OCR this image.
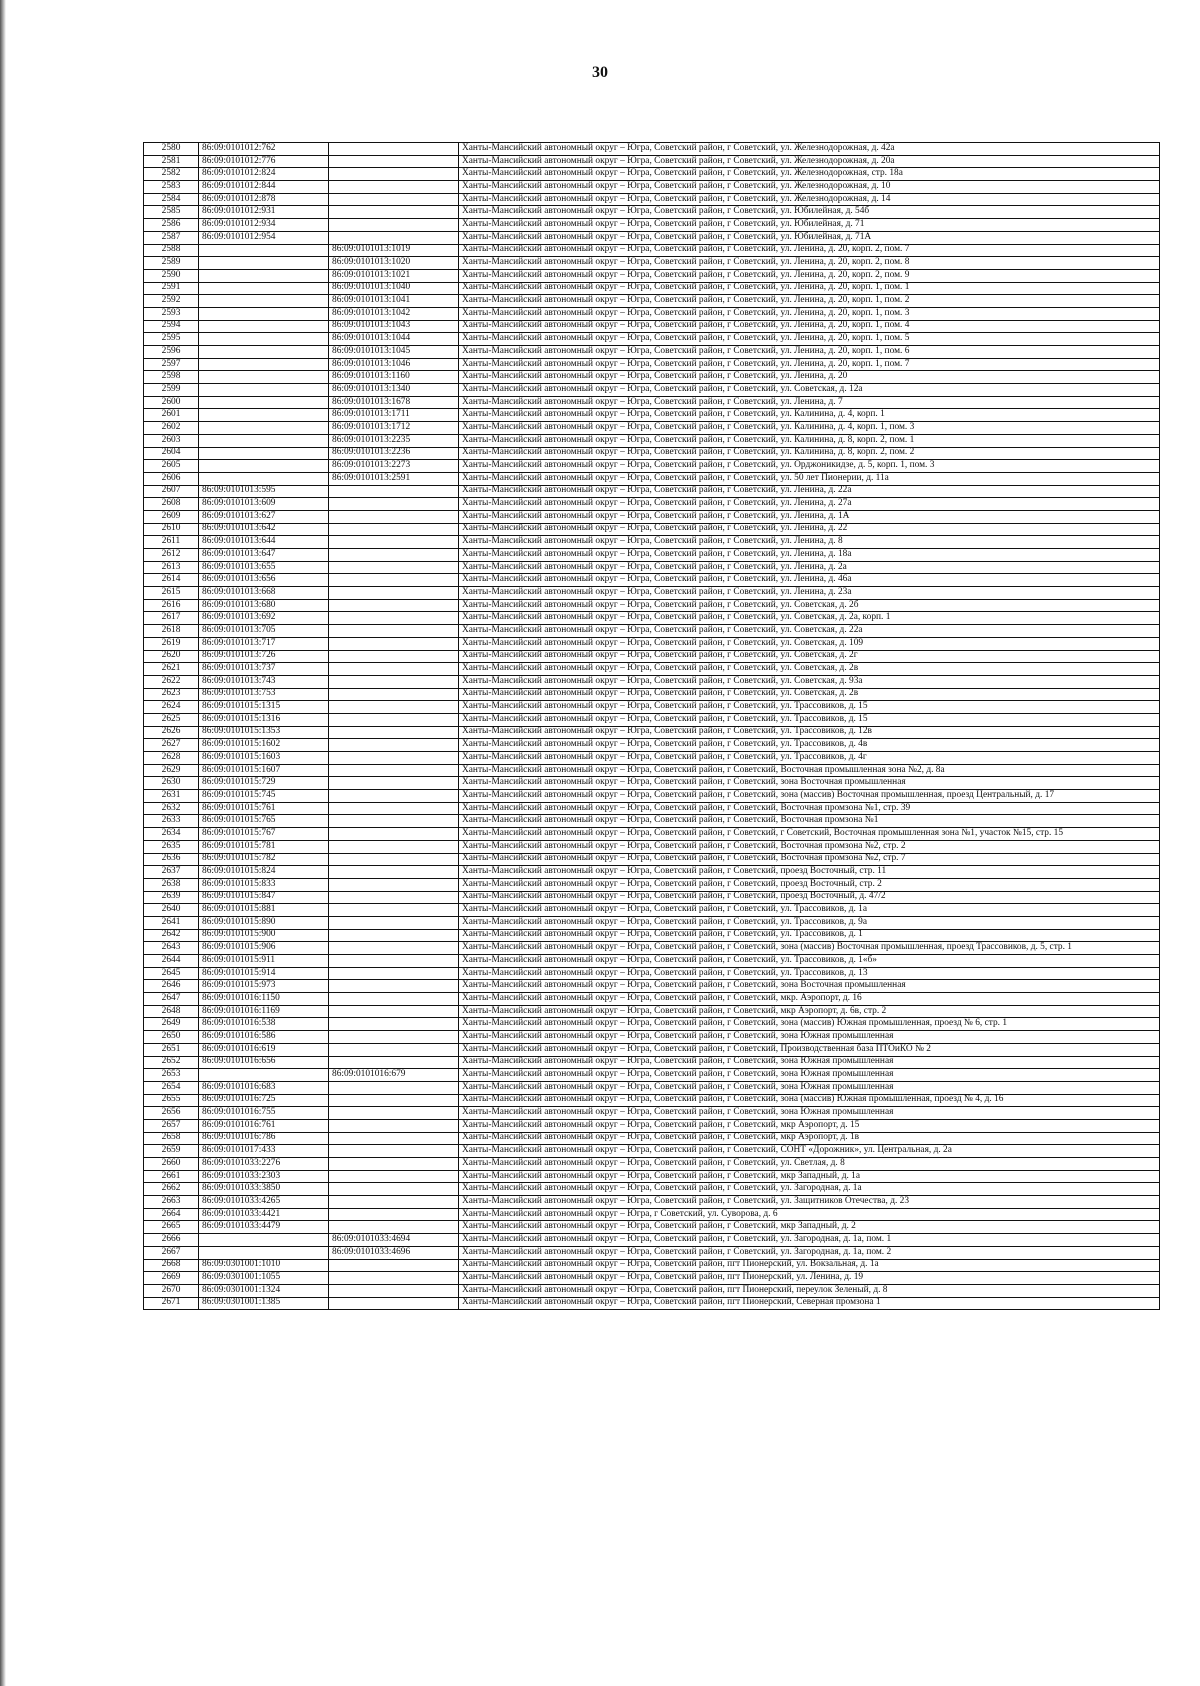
30
2580	86:09:0101012:762		Ханты-Мансийский автономный округ – Югра, Советский район, г Советский, ул. Железнодорожная, д. 42а
2581	86:09:0101012:776		Ханты-Мансийский автономный округ – Югра, Советский район, г Советский, ул. Железнодорожная, д. 20а
2582	86:09:0101012:824		Ханты-Мансийский автономный округ – Югра, Советский район, г Советский, ул. Железнодорожная, стр. 18а
2583	86:09:0101012:844		Ханты-Мансийский автономный округ – Югра, Советский район, г Советский, ул. Железнодорожная, д. 10
2584	86:09:0101012:878		Ханты-Мансийский автономный округ – Югра, Советский район, г Советский, ул. Железнодорожная, д. 14
2585	86:09:0101012:931		Ханты-Мансийский автономный округ – Югра, Советский район, г Советский, ул. Юбилейная, д. 54б
2586	86:09:0101012:934		Ханты-Мансийский автономный округ – Югра, Советский район, г Советский, ул. Юбилейная, д. 71
2587	86:09:0101012:954		Ханты-Мансийский автономный округ – Югра, Советский район, г Советский, ул. Юбилейная, д. 71А
2588		86:09:0101013:1019	Ханты-Мансийский автономный округ – Югра, Советский район, г Советский, ул. Ленина, д. 20, корп. 2, пом. 7
2589		86:09:0101013:1020	Ханты-Мансийский автономный округ – Югра, Советский район, г Советский, ул. Ленина, д. 20, корп. 2, пом. 8
2590		86:09:0101013:1021	Ханты-Мансийский автономный округ – Югра, Советский район, г Советский, ул. Ленина, д. 20, корп. 2, пом. 9
2591		86:09:0101013:1040	Ханты-Мансийский автономный округ – Югра, Советский район, г Советский, ул. Ленина, д. 20, корп. 1, пом. 1
2592		86:09:0101013:1041	Ханты-Мансийский автономный округ – Югра, Советский район, г Советский, ул. Ленина, д. 20, корп. 1, пом. 2
2593		86:09:0101013:1042	Ханты-Мансийский автономный округ – Югра, Советский район, г Советский, ул. Ленина, д. 20, корп. 1, пом. 3
2594		86:09:0101013:1043	Ханты-Мансийский автономный округ – Югра, Советский район, г Советский, ул. Ленина, д. 20, корп. 1, пом. 4
2595		86:09:0101013:1044	Ханты-Мансийский автономный округ – Югра, Советский район, г Советский, ул. Ленина, д. 20, корп. 1, пом. 5
2596		86:09:0101013:1045	Ханты-Мансийский автономный округ – Югра, Советский район, г Советский, ул. Ленина, д. 20, корп. 1, пом. 6
2597		86:09:0101013:1046	Ханты-Мансийский автономный округ – Югра, Советский район, г Советский, ул. Ленина, д. 20, корп. 1, пом. 7
2598		86:09:0101013:1160	Ханты-Мансийский автономный округ – Югра, Советский район, г Советский, ул. Ленина, д. 20
2599		86:09:0101013:1340	Ханты-Мансийский автономный округ – Югра, Советский район, г Советский, ул. Советская, д. 12а
2600		86:09:0101013:1678	Ханты-Мансийский автономный округ – Югра, Советский район, г Советский, ул. Ленина, д. 7
2601		86:09:0101013:1711	Ханты-Мансийский автономный округ – Югра, Советский район, г Советский, ул. Калинина, д. 4, корп. 1
2602		86:09:0101013:1712	Ханты-Мансийский автономный округ – Югра, Советский район, г Советский, ул. Калинина, д. 4, корп. 1, пом. 3
2603		86:09:0101013:2235	Ханты-Мансийский автономный округ – Югра, Советский район, г Советский, ул. Калинина, д. 8, корп. 2, пом. 1
2604		86:09:0101013:2236	Ханты-Мансийский автономный округ – Югра, Советский район, г Советский, ул. Калинина, д. 8, корп. 2, пом. 2
2605		86:09:0101013:2273	Ханты-Мансийский автономный округ – Югра, Советский район, г Советский, ул. Орджоникидзе, д. 5, корп. 1, пом. 3
2606		86:09:0101013:2591	Ханты-Мансийский автономный округ – Югра, Советский район, г Советский, ул. 50 лет Пионерии, д. 11а
2607	86:09:0101013:595		Ханты-Мансийский автономный округ – Югра, Советский район, г Советский, ул. Ленина, д. 22а
2608	86:09:0101013:609		Ханты-Мансийский автономный округ – Югра, Советский район, г Советский, ул. Ленина, д. 27а
2609	86:09:0101013:627		Ханты-Мансийский автономный округ – Югра, Советский район, г Советский, ул. Ленина, д. 1А
2610	86:09:0101013:642		Ханты-Мансийский автономный округ – Югра, Советский район, г Советский, ул. Ленина, д. 22
2611	86:09:0101013:644		Ханты-Мансийский автономный округ – Югра, Советский район, г Советский, ул. Ленина, д. 8
2612	86:09:0101013:647		Ханты-Мансийский автономный округ – Югра, Советский район, г Советский, ул. Ленина, д. 18а
2613	86:09:0101013:655		Ханты-Мансийский автономный округ – Югра, Советский район, г Советский, ул. Ленина, д. 2а
2614	86:09:0101013:656		Ханты-Мансийский автономный округ – Югра, Советский район, г Советский, ул. Ленина, д. 46а
2615	86:09:0101013:668		Ханты-Мансийский автономный округ – Югра, Советский район, г Советский, ул. Ленина, д. 23а
2616	86:09:0101013:680		Ханты-Мансийский автономный округ – Югра, Советский район, г Советский, ул. Советская, д. 2б
2617	86:09:0101013:692		Ханты-Мансийский автономный округ – Югра, Советский район, г Советский, ул. Советская, д. 2а, корп. 1
2618	86:09:0101013:705		Ханты-Мансийский автономный округ – Югра, Советский район, г Советский, ул. Советская, д. 22а
2619	86:09:0101013:717		Ханты-Мансийский автономный округ – Югра, Советский район, г Советский, ул. Советская, д. 109
2620	86:09:0101013:726		Ханты-Мансийский автономный округ – Югра, Советский район, г Советский, ул. Советская, д. 2г
2621	86:09:0101013:737		Ханты-Мансийский автономный округ – Югра, Советский район, г Советский, ул. Советская, д. 2в
2622	86:09:0101013:743		Ханты-Мансийский автономный округ – Югра, Советский район, г Советский, ул. Советская, д. 93а
2623	86:09:0101013:753		Ханты-Мансийский автономный округ – Югра, Советский район, г Советский, ул. Советская, д. 2в
2624	86:09:0101015:1315		Ханты-Мансийский автономный округ – Югра, Советский район, г Советский, ул. Трассовиков, д. 15
2625	86:09:0101015:1316		Ханты-Мансийский автономный округ – Югра, Советский район, г Советский, ул. Трассовиков, д. 15
2626	86:09:0101015:1353		Ханты-Мансийский автономный округ – Югра, Советский район, г Советский, ул. Трассовиков, д. 12в
2627	86:09:0101015:1602		Ханты-Мансийский автономный округ – Югра, Советский район, г Советский, ул. Трассовиков, д. 4в
2628	86:09:0101015:1603		Ханты-Мансийский автономный округ – Югра, Советский район, г Советский, ул. Трассовиков, д. 4г
2629	86:09:0101015:1607		Ханты-Мансийский автономный округ – Югра, Советский район, г Советский, Восточная промышленная зона №2, д. 8а
2630	86:09:0101015:729		Ханты-Мансийский автономный округ – Югра, Советский район, г Советский, зона Восточная промышленная
2631	86:09:0101015:745		Ханты-Мансийский автономный округ – Югра, Советский район, г Советский, зона (массив) Восточная промышленная, проезд Центральный, д. 17
2632	86:09:0101015:761		Ханты-Мансийский автономный округ – Югра, Советский район, г Советский, Восточная промзона №1, стр. 39
2633	86:09:0101015:765		Ханты-Мансийский автономный округ – Югра, Советский район, г Советский, Восточная промзона №1
2634	86:09:0101015:767		Ханты-Мансийский автономный округ – Югра, Советский район, г Советский, г Советский, Восточная промышленная зона №1, участок №15, стр. 15
2635	86:09:0101015:781		Ханты-Мансийский автономный округ – Югра, Советский район, г Советский, Восточная промзона №2, стр. 2
2636	86:09:0101015:782		Ханты-Мансийский автономный округ – Югра, Советский район, г Советский, Восточная промзона №2, стр. 7
2637	86:09:0101015:824		Ханты-Мансийский автономный округ – Югра, Советский район, г Советский, проезд Восточный, стр. 11
2638	86:09:0101015:833		Ханты-Мансийский автономный округ – Югра, Советский район, г Советский, проезд Восточный, стр. 2
2639	86:09:0101015:847		Ханты-Мансийский автономный округ – Югра, Советский район, г Советский, проезд Восточный, д. 47/2
2640	86:09:0101015:881		Ханты-Мансийский автономный округ – Югра, Советский район, г Советский, ул. Трассовиков, д. 1а
2641	86:09:0101015:890		Ханты-Мансийский автономный округ – Югра, Советский район, г Советский, ул. Трассовиков, д. 9а
2642	86:09:0101015:900		Ханты-Мансийский автономный округ – Югра, Советский район, г Советский, ул. Трассовиков, д. 1
2643	86:09:0101015:906		Ханты-Мансийский автономный округ – Югра, Советский район, г Советский, зона (массив) Восточная промышленная, проезд Трассовиков, д. 5, стр. 1
2644	86:09:0101015:911		Ханты-Мансийский автономный округ – Югра, Советский район, г Советский, ул. Трассовиков, д. 1«б»
2645	86:09:0101015:914		Ханты-Мансийский автономный округ – Югра, Советский район, г Советский, ул. Трассовиков, д. 13
2646	86:09:0101015:973		Ханты-Мансийский автономный округ – Югра, Советский район, г Советский, зона Восточная промышленная
2647	86:09:0101016:1150		Ханты-Мансийский автономный округ – Югра, Советский район, г Советский, мкр. Аэропорт, д. 16
2648	86:09:0101016:1169		Ханты-Мансийский автономный округ – Югра, Советский район, г Советский, мкр Аэропорт, д. 6в, стр. 2
2649	86:09:0101016:538		Ханты-Мансийский автономный округ – Югра, Советский район, г Советский, зона (массив) Южная промышленная, проезд № 6, стр. 1
2650	86:09:0101016:586		Ханты-Мансийский автономный округ – Югра, Советский район, г Советский, зона Южная промышленная
2651	86:09:0101016:619		Ханты-Мансийский автономный округ – Югра, Советский район, г Советский, Производственная база ПТОиКО № 2
2652	86:09:0101016:656		Ханты-Мансийский автономный округ – Югра, Советский район, г Советский, зона Южная промышленная
2653		86:09:0101016:679	Ханты-Мансийский автономный округ – Югра, Советский район, г Советский, зона Южная промышленная
2654	86:09:0101016:683		Ханты-Мансийский автономный округ – Югра, Советский район, г Советский, зона Южная промышленная
2655	86:09:0101016:725		Ханты-Мансийский автономный округ – Югра, Советский район, г Советский, зона (массив) Южная промышленная, проезд № 4, д. 16
2656	86:09:0101016:755		Ханты-Мансийский автономный округ – Югра, Советский район, г Советский, зона Южная промышленная
2657	86:09:0101016:761		Ханты-Мансийский автономный округ – Югра, Советский район, г Советский, мкр Аэропорт, д. 15
2658	86:09:0101016:786		Ханты-Мансийский автономный округ – Югра, Советский район, г Советский, мкр Аэропорт, д. 1в
2659	86:09:0101017:433		Ханты-Мансийский автономный округ – Югра, Советский район, г Советский, СОНТ «Дорожник», ул. Центральная, д. 2а
2660	86:09:0101033:2276		Ханты-Мансийский автономный округ – Югра, Советский район, г Советский, ул. Светлая, д. 8
2661	86:09:0101033:2303		Ханты-Мансийский автономный округ – Югра, Советский район, г Советский, мкр Западный, д. 1а
2662	86:09:0101033:3850		Ханты-Мансийский автономный округ – Югра, Советский район, г Советский, ул. Загородная, д. 1а
2663	86:09:0101033:4265		Ханты-Мансийский автономный округ – Югра, Советский район, г Советский, ул. Защитников Отечества, д. 23
2664	86:09:0101033:4421		Ханты-Мансийский автономный округ – Югра, г Советский, ул. Суворова, д. 6
2665	86:09:0101033:4479		Ханты-Мансийский автономный округ – Югра, Советский район, г Советский, мкр Западный, д. 2
2666		86:09:0101033:4694	Ханты-Мансийский автономный округ – Югра, Советский район, г Советский, ул. Загородная, д. 1а, пом. 1
2667		86:09:0101033:4696	Ханты-Мансийский автономный округ – Югра, Советский район, г Советский, ул. Загородная, д. 1а, пом. 2
2668	86:09:0301001:1010		Ханты-Мансийский автономный округ – Югра, Советский район, пгт Пионерский, ул. Вокзальная, д. 1а
2669	86:09:0301001:1055		Ханты-Мансийский автономный округ – Югра, Советский район, пгт Пионерский, ул. Ленина, д. 19
2670	86:09:0301001:1324		Ханты-Мансийский автономный округ – Югра, Советский район, пгт Пионерский, переулок Зеленый, д. 8
2671	86:09:0301001:1385		Ханты-Мансийский автономный округ – Югра, Советский район, пгт Пионерский, Северная промзона 1
